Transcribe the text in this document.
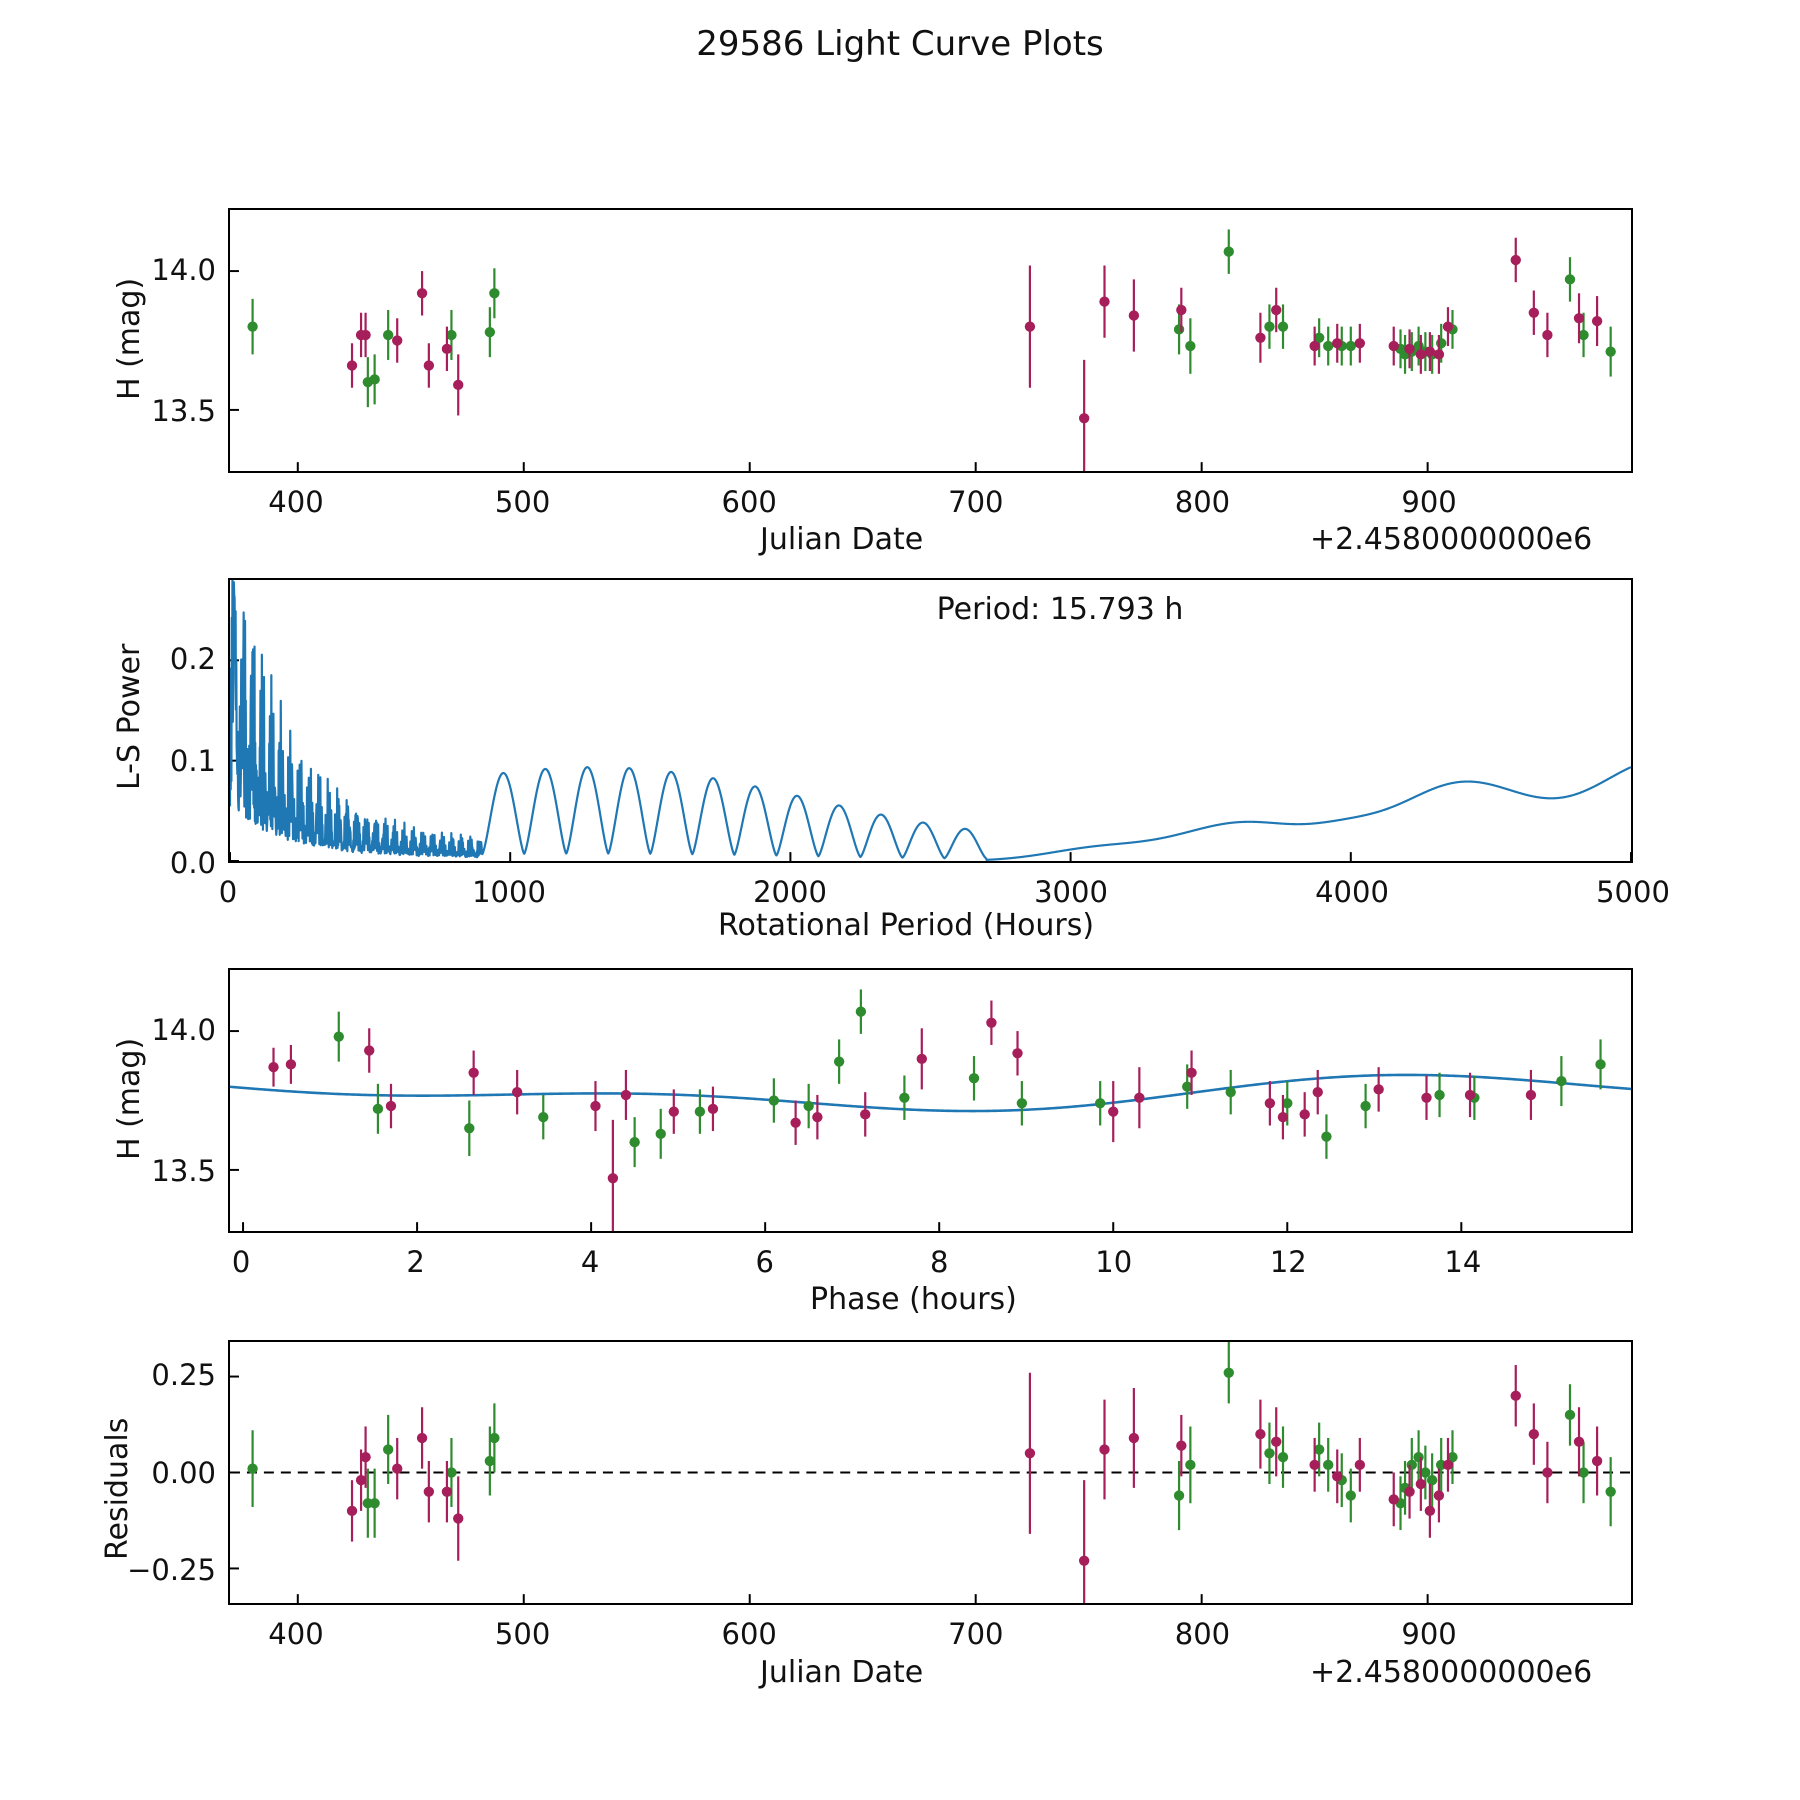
29586 Light Curve Plots
H (mag)
Julian Date	+2.4580000000e6
L-S Power
Rotational Period (Hours)
Period: 15.793 h
H (mag)
Phase (hours)
Residuals
Julian Date	+2.4580000000e6
400	500	600	700	800	900
13.5
14.0
0	1000	2000	3000	4000	5000
0.0
0.1
0.2
0	2	4	6	8	10	12	14
13.5
14.0
400	500	600	700	800	900
−0.25
0.00
0.25
